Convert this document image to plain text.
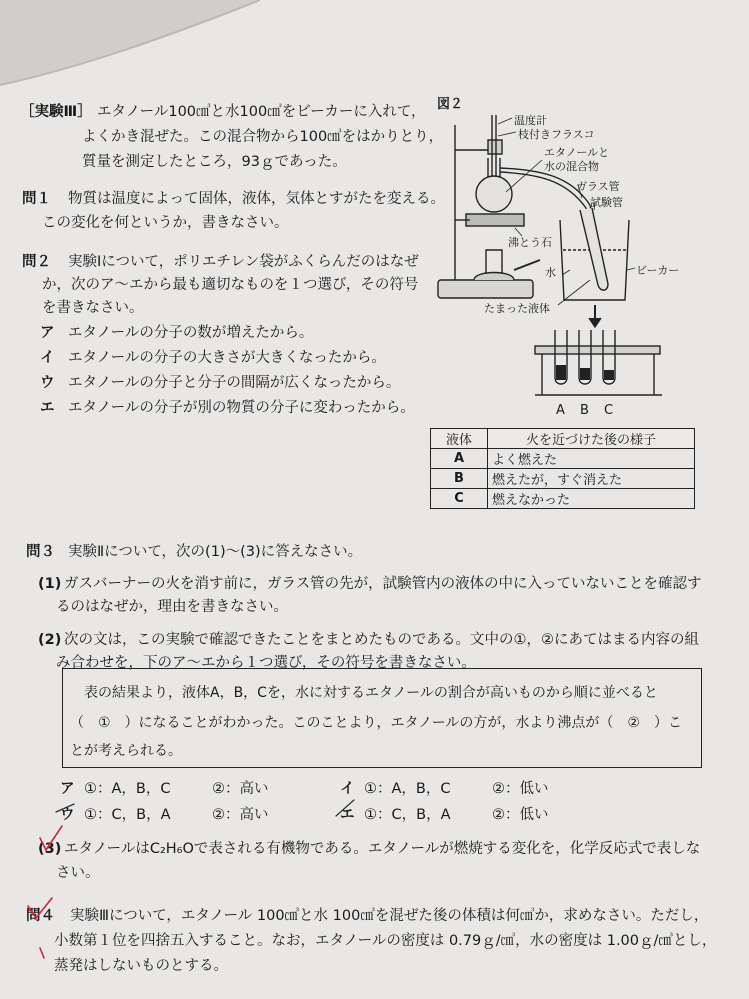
［実験Ⅲ］ エタノール100㎤と水100㎤をビーカーに入れて，
よくかき混ぜた。この混合物から100㎤をはかりとり，
質量を測定したところ，93ｇであった。
問１ 物質は温度によって固体，液体，気体とすがたを変える。
この変化を何というか，書きなさい。
問２ 実験Ⅰについて，ポリエチレン袋がふくらんだのはなぜ
か，次のア～エから最も適切なものを１つ選び，その符号
を書きなさい。
ア エタノールの分子の数が増えたから。
イ エタノールの分子の大きさが大きくなったから。
ウ エタノールの分子と分子の間隔が広くなったから。
エ エタノールの分子が別の物質の分子に変わったから。
図２
温度計
枝付きフラスコ
エタノールと
水の混合物
ガラス管
試験管
沸とう石
水	ビーカー
たまった液体
A B C
液体	火を近づけた後の様子
A	よく燃えた
B	燃えたが，すぐ消えた
C	燃えなかった
問３ 実験Ⅱについて，次の(1)～(3)に答えなさい。
(1) ガスバーナーの火を消す前に，ガラス管の先が，試験管内の液体の中に入っていないことを確認す
るのはなぜか，理由を書きなさい。
(2) 次の文は，この実験で確認できたことをまとめたものである。文中の①，②にあてはまる内容の組
み合わせを，下のア～エから１つ選び，その符号を書きなさい。
表の結果より，液体A，B，Cを，水に対するエタノールの割合が高いものから順に並べると
（　①　）になることがわかった。このことより，エタノールの方が，水より沸点が（　②　）こ
とが考えられる。
ア ①：A，B，C	②：高い	イ ①：A，B，C	②：低い
ウ ①：C，B，A	②：高い	エ ①：C，B，A	②：低い
(3) エタノールはC₂H₆Oで表される有機物である。エタノールが燃焼する変化を，化学反応式で表しな
さい。
問４ 実験Ⅲについて，エタノール 100㎤と水 100㎤を混ぜた後の体積は何㎤か，求めなさい。ただし，
小数第１位を四捨五入すること。なお，エタノールの密度は 0.79ｇ/㎤，水の密度は 1.00ｇ/㎤とし，
蒸発はしないものとする。
